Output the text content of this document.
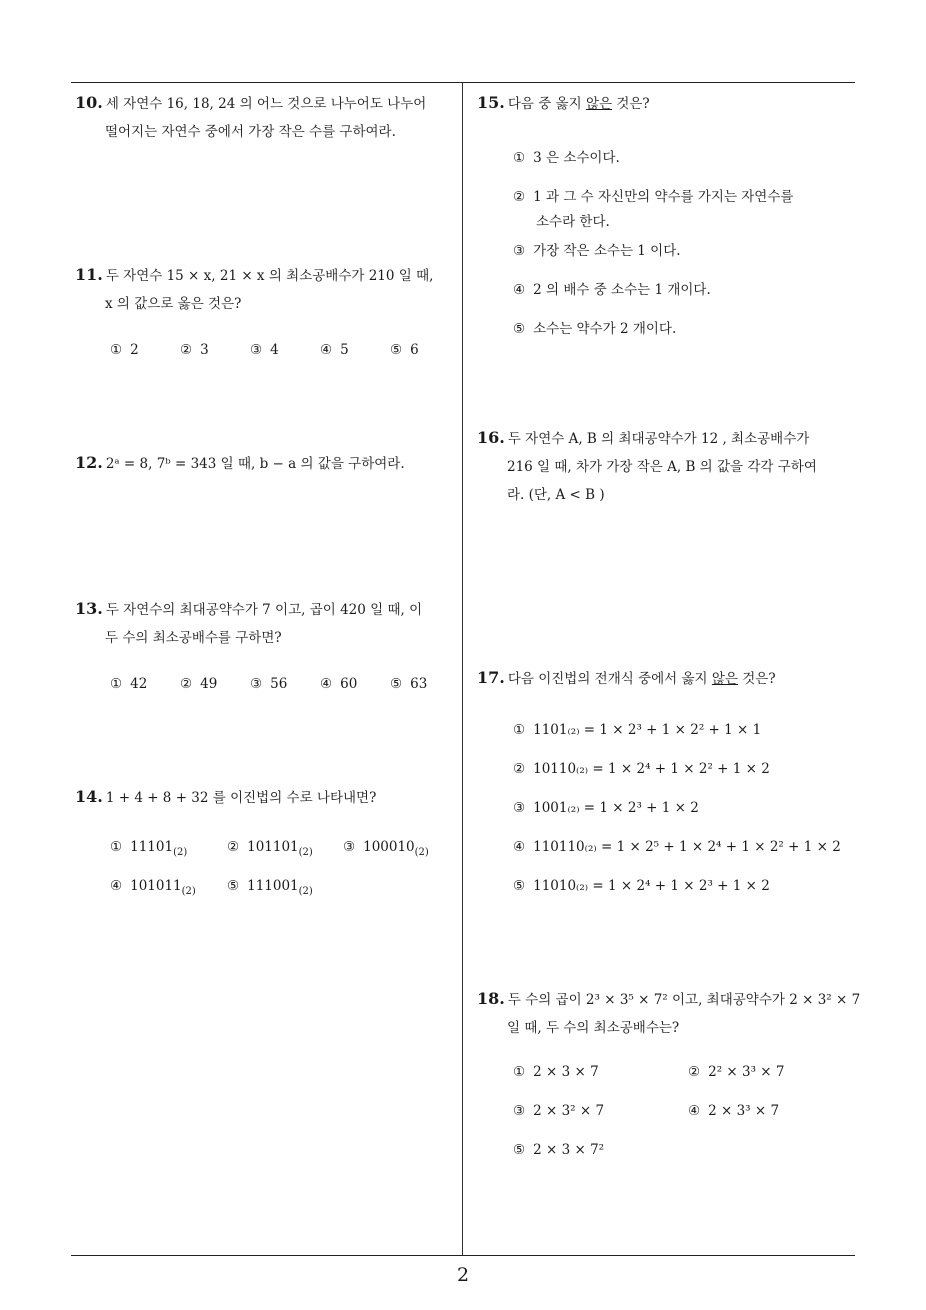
10. 세 자연수 16, 18, 24 의 어느 것으로 나누어도 나누어
떨어지는 자연수 중에서 가장 작은 수를 구하여라.
11. 두 자연수 15 × x, 21 × x 의 최소공배수가 210 일 때,
x 의 값으로 옳은 것은?
① 2	② 3	③ 4	④ 5	⑤ 6
12. 2ᵃ = 8, 7ᵇ = 343 일 때, b − a 의 값을 구하여라.
13. 두 자연수의 최대공약수가 7 이고, 곱이 420 일 때, 이
두 수의 최소공배수를 구하면?
① 42 ② 49 ③ 56 ④ 60 ⑤ 63
14. 1 + 4 + 8 + 32 를 이진법의 수로 나타내면?
① $11101_{(2)}$	② $101101_{(2)}$ ③ $100010_{(2)}$
④ $101011_{(2)}$ ⑤ $111001_{(2)}$
15. 다음 중 옳지 않은 것은?
① 3 은 소수이다.
② 1 과 그 수 자신만의 약수를 가지는 자연수를
소수라 한다.
③ 가장 작은 소수는 1 이다.
④ 2 의 배수 중 소수는 1 개이다.
⑤ 소수는 약수가 2 개이다.
16. 두 자연수 A, B 의 최대공약수가 12 , 최소공배수가
216 일 때, 차가 가장 작은 A, B 의 값을 각각 구하여
라. (단, A < B )
17. 다음 이진법의 전개식 중에서 옳지 않은 것은?
① 1101₍₂₎ = 1 × 2³ + 1 × 2² + 1 × 1
② 10110₍₂₎ = 1 × 2⁴ + 1 × 2² + 1 × 2
③ 1001₍₂₎ = 1 × 2³ + 1 × 2
④ 110110₍₂₎ = 1 × 2⁵ + 1 × 2⁴ + 1 × 2² + 1 × 2
⑤ 11010₍₂₎ = 1 × 2⁴ + 1 × 2³ + 1 × 2
18. 두 수의 곱이 2³ × 3⁵ × 7² 이고, 최대공약수가 2 × 3² × 7
일 때, 두 수의 최소공배수는?
① 2 × 3 × 7	② 2² × 3³ × 7
③ 2 × 3² × 7	④ 2 × 3³ × 7
⑤ 2 × 3 × 7²
2
